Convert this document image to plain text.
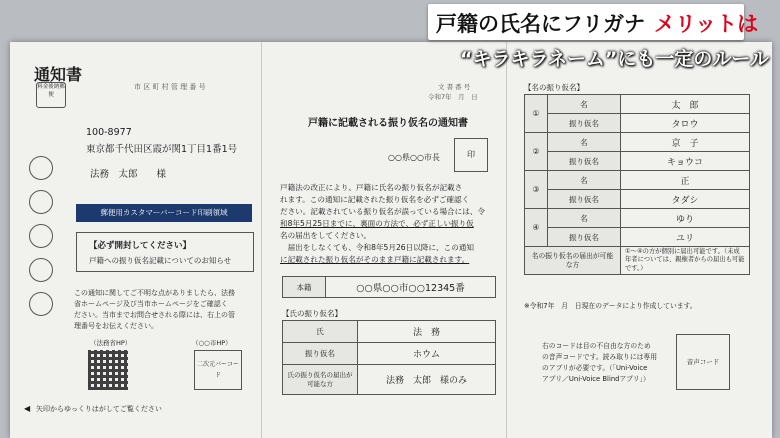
通知書
料金後納郵便
市 区 町 村 管 理 番 号
100-8977
東京都千代田区霞が関1丁目1番1号
法務　太郎　　様
郵便用カスタマーバーコード印刷領域
【必ず開封してください】
戸籍への振り仮名記載についてのお知らせ
この通知に関してご不明な点がありましたら、法務
省ホームページ及び当市ホームページをご確認く
ださい。当市までお問合せされる際には、右上の管
理番号をお伝えください。
（法務省HP）	（○○市HP）
二次元バーコード
◀ 矢印からゆっくりはがしてご覧ください
文 書 番 号
令和7年　月　日
戸籍に記載される振り仮名の通知書
○○県○○市長	印
戸籍法の改正により、戸籍に氏名の振り仮名が記載さ
れます。この通知に記載された振り仮名を必ずご確認く
ださい。記載されている振り仮名が誤っている場合には、令
和8年5月25日までに、裏面の方法で、必ず正しい振り仮
名の届出をしてください。
　届出をしなくても、令和8年5月26日以降に、この通知
に記載された振り仮名がそのまま戸籍に記載されます。
本籍	○○県○○市○○12345番
【氏の振り仮名】
氏	法　務
振り仮名	ホウム
氏の振り仮名の届出が可能な方	法務　太郎　様のみ
【名の振り仮名】
①	名	太　郎
	振り仮名	タロウ
②	名	京　子
	振り仮名	キョウコ
③	名	正
	振り仮名	タダシ
④	名	ゆり
	振り仮名	ユリ
名の振り仮名の届出が可能な方		①～④の方が個別に届出可能です。（未成年者については、親権者からの届出も可能です。）
※令和7年　月　日現在のデータにより作成しています。
右のコードは目の不自由な方のため
の音声コードです。読み取りには専用
のアプリが必要です。（「Uni-Voice
アプリ／Uni-Voice Blindアプリ」）
音声コード
戸籍の氏名にフリガナ メリットは
“キラキラネーム”にも一定のルール
